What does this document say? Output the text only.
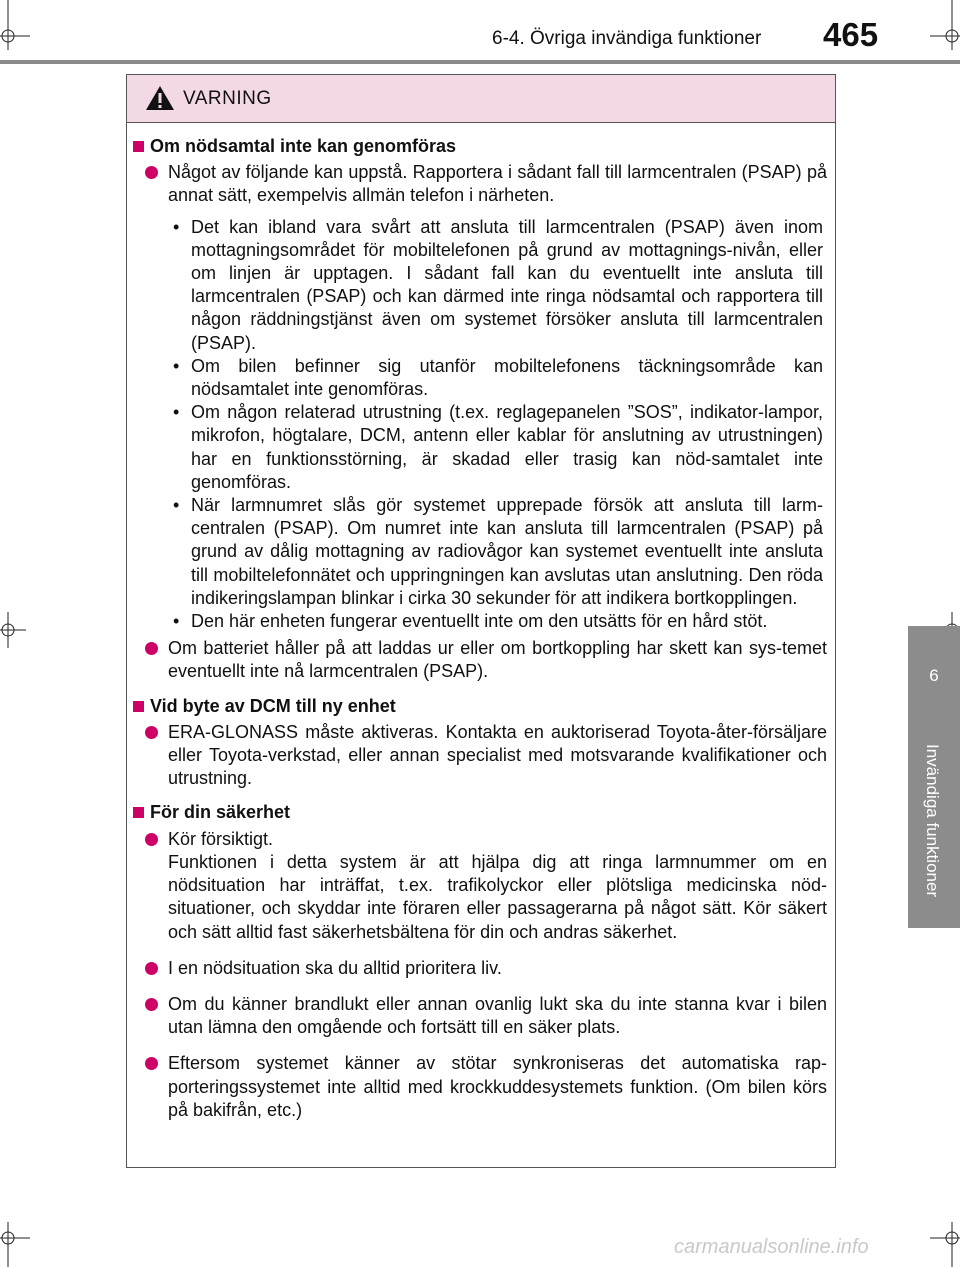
6-4. Övriga invändiga funktioner 465
6
Invändiga funktioner
VARNING
Om nödsamtal inte kan genomföras
Något av följande kan uppstå. Rapportera i sådant fall till larmcentralen (PSAP) på annat sätt, exempelvis allmän telefon i närheten.
• Det kan ibland vara svårt att ansluta till larmcentralen (PSAP) även inom mottagningsområdet för mobiltelefonen på grund av mottagnings-nivån, eller om linjen är upptagen. I sådant fall kan du eventuellt inte ansluta till larmcentralen (PSAP) och kan därmed inte ringa nödsamtal och rapportera till någon räddningstjänst även om systemet försöker ansluta till larmcentralen (PSAP).
• Om bilen befinner sig utanför mobiltelefonens täckningsområde kan nödsamtalet inte genomföras.
• Om någon relaterad utrustning (t.ex. reglagepanelen ”SOS”, indikator-lampor, mikrofon, högtalare, DCM, antenn eller kablar för anslutning av utrustningen) har en funktionsstörning, är skadad eller trasig kan nöd-samtalet inte genomföras.
• När larmnumret slås gör systemet upprepade försök att ansluta till larm-centralen (PSAP). Om numret inte kan ansluta till larmcentralen (PSAP) på grund av dålig mottagning av radiovågor kan systemet eventuellt inte ansluta till mobiltelefonnätet och uppringningen kan avslutas utan anslutning. Den röda indikeringslampan blinkar i cirka 30 sekunder för att indikera bortkopplingen.
• Den här enheten fungerar eventuellt inte om den utsätts för en hård stöt.
Om batteriet håller på att laddas ur eller om bortkoppling har skett kan sys-temet eventuellt inte nå larmcentralen (PSAP).
Vid byte av DCM till ny enhet
ERA-GLONASS måste aktiveras. Kontakta en auktoriserad Toyota-åter-försäljare eller Toyota-verkstad, eller annan specialist med motsvarande kvalifikationer och utrustning.
För din säkerhet
Kör försiktigt.
Funktionen i detta system är att hjälpa dig att ringa larmnummer om en nödsituation har inträffat, t.ex. trafikolyckor eller plötsliga medicinska nöd-situationer, och skyddar inte föraren eller passagerarna på något sätt. Kör säkert och sätt alltid fast säkerhetsbältena för din och andras säkerhet.
I en nödsituation ska du alltid prioritera liv.
Om du känner brandlukt eller annan ovanlig lukt ska du inte stanna kvar i bilen utan lämna den omgående och fortsätt till en säker plats.
Eftersom systemet känner av stötar synkroniseras det automatiska rap-porteringssystemet inte alltid med krockkuddesystemets funktion. (Om bilen körs på bakifrån, etc.)
carmanualsonline.info
